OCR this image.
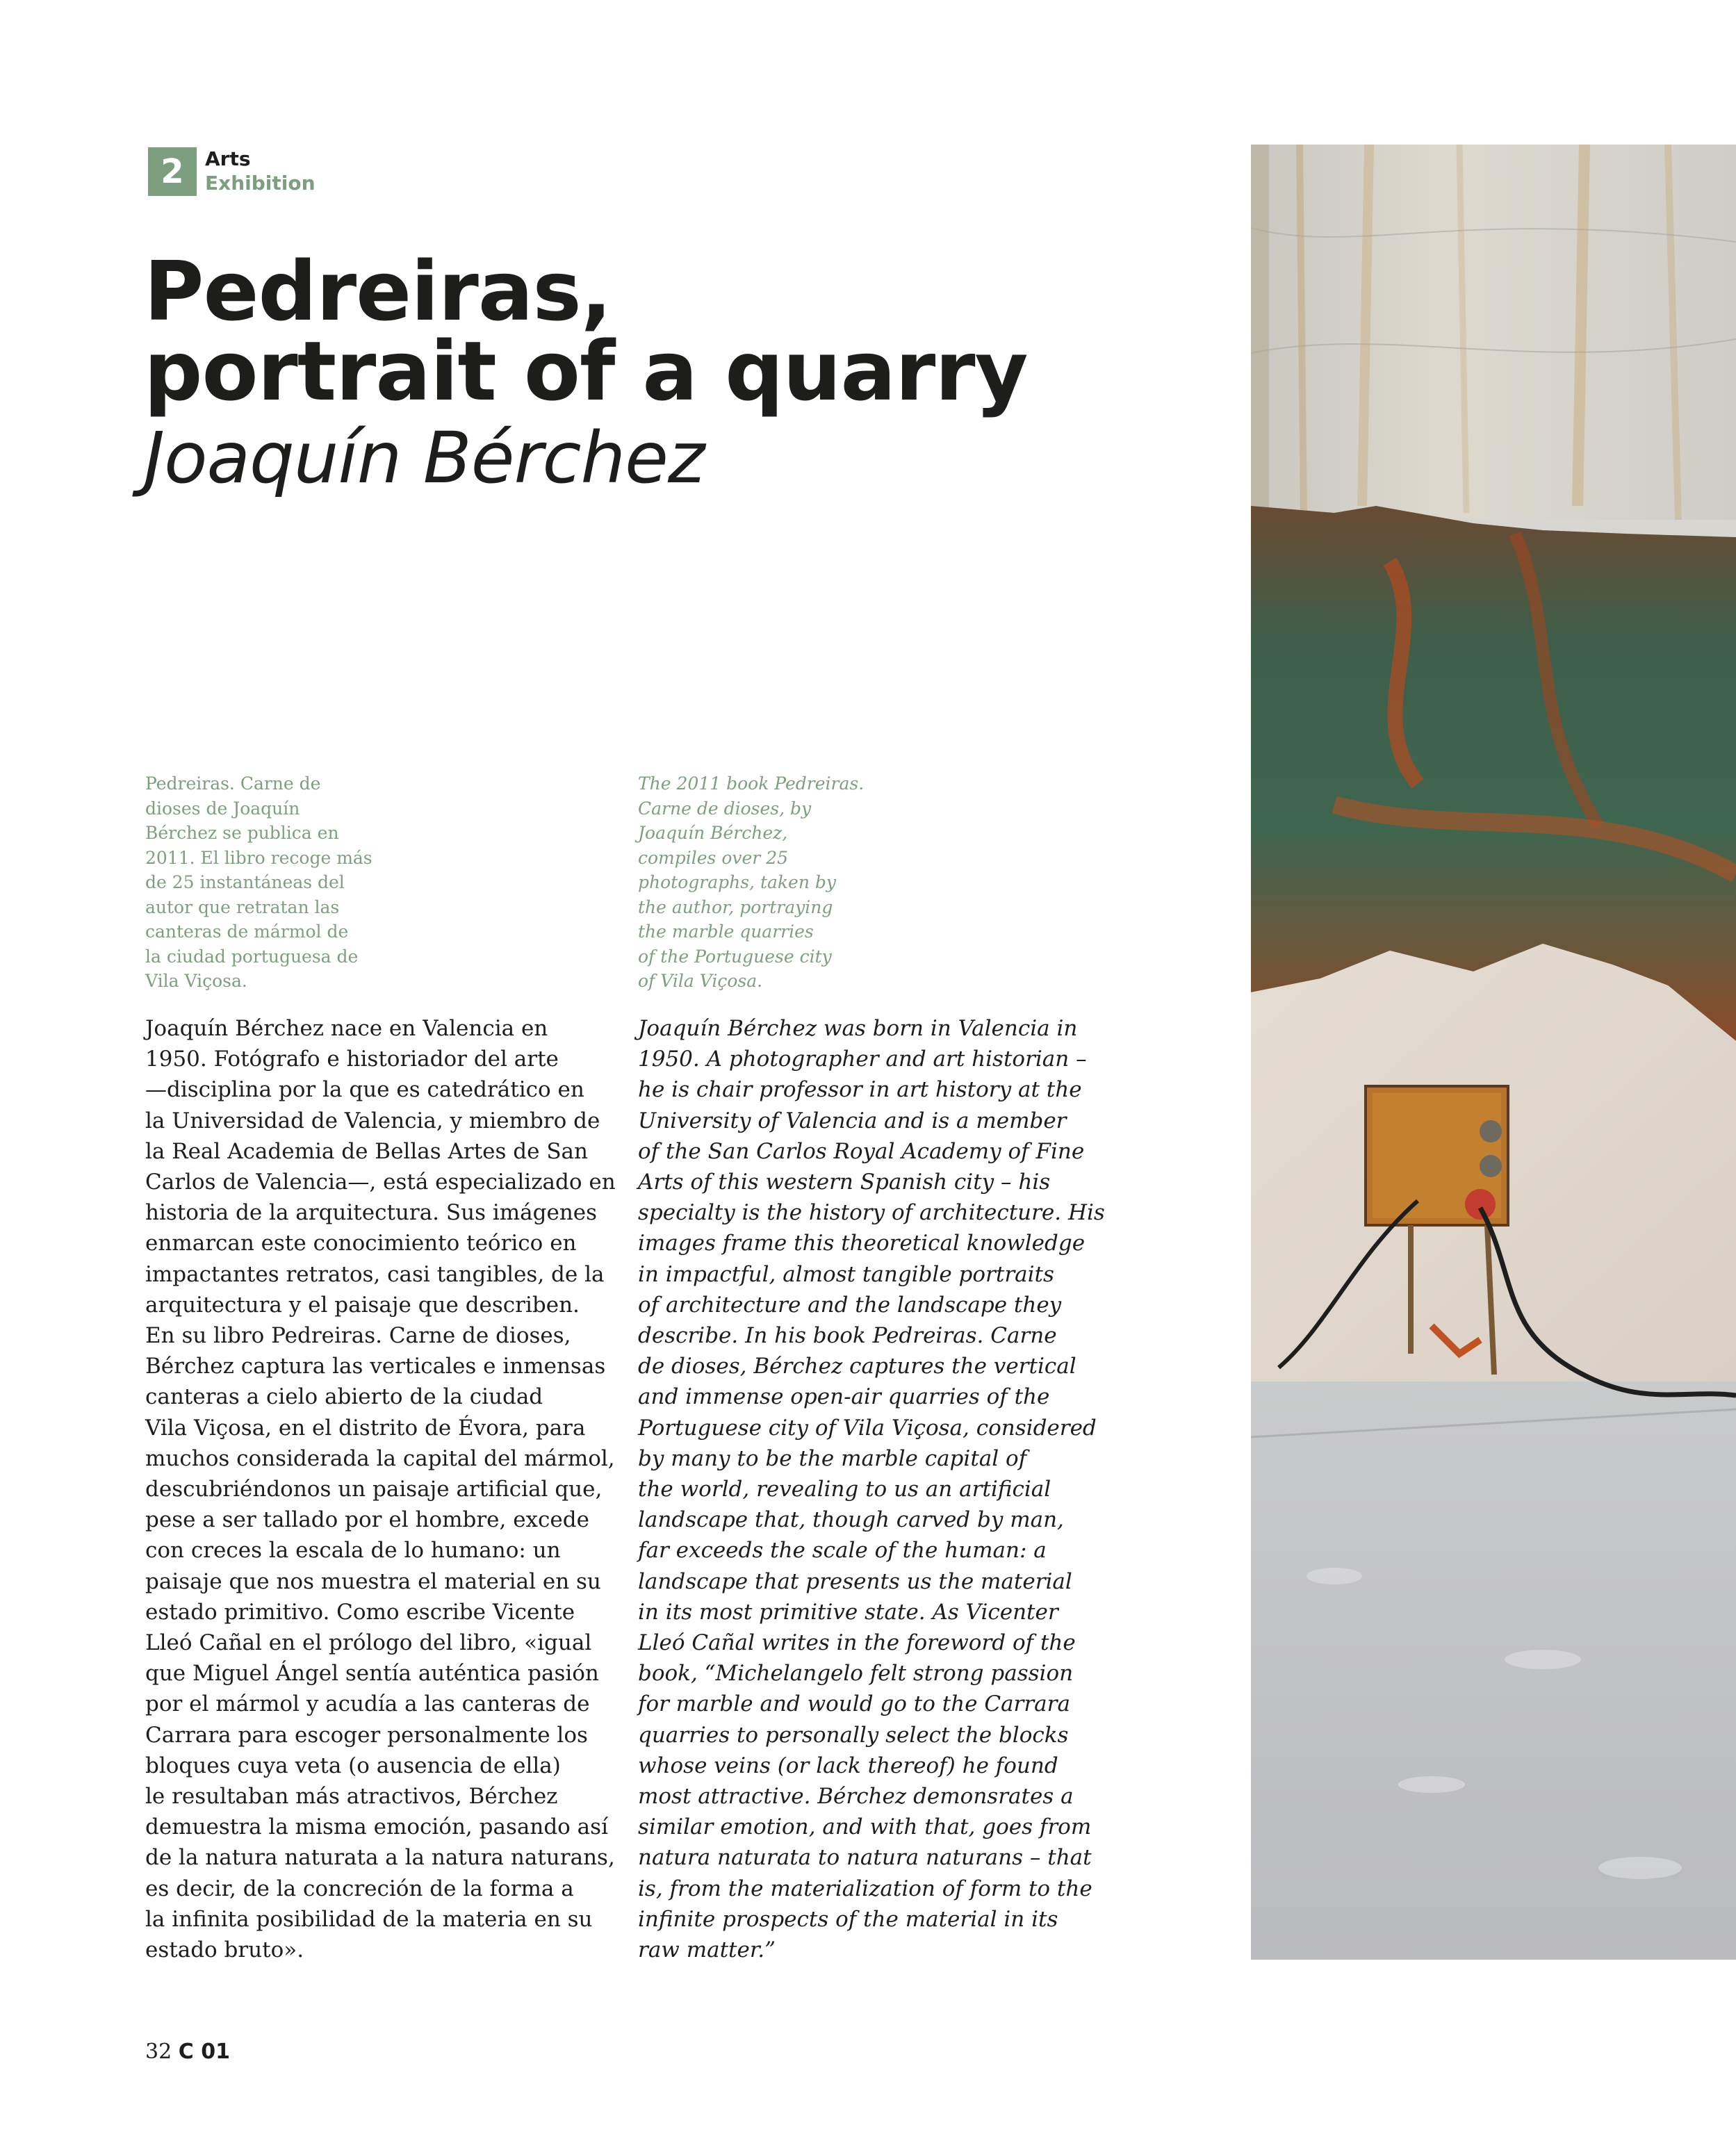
2	Arts
Exhibition
Pedreiras,
portrait of a quarry
Joaquín Bérchez
Pedreiras. Carne de
dioses de Joaquín
Bérchez se publica en
2011. El libro recoge más
de 25 instantáneas del
autor que retratan las
canteras de mármol de
la ciudad portuguesa de
Vila Viçosa.
The 2011 book Pedreiras.
Carne de dioses, by
Joaquín Bérchez,
compiles over 25
photographs, taken by
the author, portraying
the marble quarries
of the Portuguese city
of Vila Viçosa.
Joaquín Bérchez nace en Valencia en
1950. Fotógrafo e historiador del arte
—disciplina por la que es catedrático en
la Universidad de Valencia, y miembro de
la Real Academia de Bellas Artes de San
Carlos de Valencia—, está especializado en
historia de la arquitectura. Sus imágenes
enmarcan este conocimiento teórico en
impactantes retratos, casi tangibles, de la
arquitectura y el paisaje que describen.
En su libro Pedreiras. Carne de dioses,
Bérchez captura las verticales e inmensas
canteras a cielo abierto de la ciudad
Vila Viçosa, en el distrito de Évora, para
muchos considerada la capital del mármol,
descubriéndonos un paisaje artificial que,
pese a ser tallado por el hombre, excede
con creces la escala de lo humano: un
paisaje que nos muestra el material en su
estado primitivo. Como escribe Vicente
Lleó Cañal en el prólogo del libro, «igual
que Miguel Ángel sentía auténtica pasión
por el mármol y acudía a las canteras de
Carrara para escoger personalmente los
bloques cuya veta (o ausencia de ella)
le resultaban más atractivos, Bérchez
demuestra la misma emoción, pasando así
de la natura naturata a la natura naturans,
es decir, de la concreción de la forma a
la infinita posibilidad de la materia en su
estado bruto».
Joaquín Bérchez was born in Valencia in
1950. A photographer and art historian –
he is chair professor in art history at the
University of Valencia and is a member
of the San Carlos Royal Academy of Fine
Arts of this western Spanish city – his
specialty is the history of architecture. His
images frame this theoretical knowledge
in impactful, almost tangible portraits
of architecture and the landscape they
describe. In his book Pedreiras. Carne
de dioses, Bérchez captures the vertical
and immense open-air quarries of the
Portuguese city of Vila Viçosa, considered
by many to be the marble capital of
the world, revealing to us an artificial
landscape that, though carved by man,
far exceeds the scale of the human: a
landscape that presents us the material
in its most primitive state. As Vicenter
Lleó Cañal writes in the foreword of the
book, “Michelangelo felt strong passion
for marble and would go to the Carrara
quarries to personally select the blocks
whose veins (or lack thereof) he found
most attractive. Bérchez demonsrates a
similar emotion, and with that, goes from
natura naturata to natura naturans – that
is, from the materialization of form to the
infinite prospects of the material in its
raw matter.”
32 C 01
